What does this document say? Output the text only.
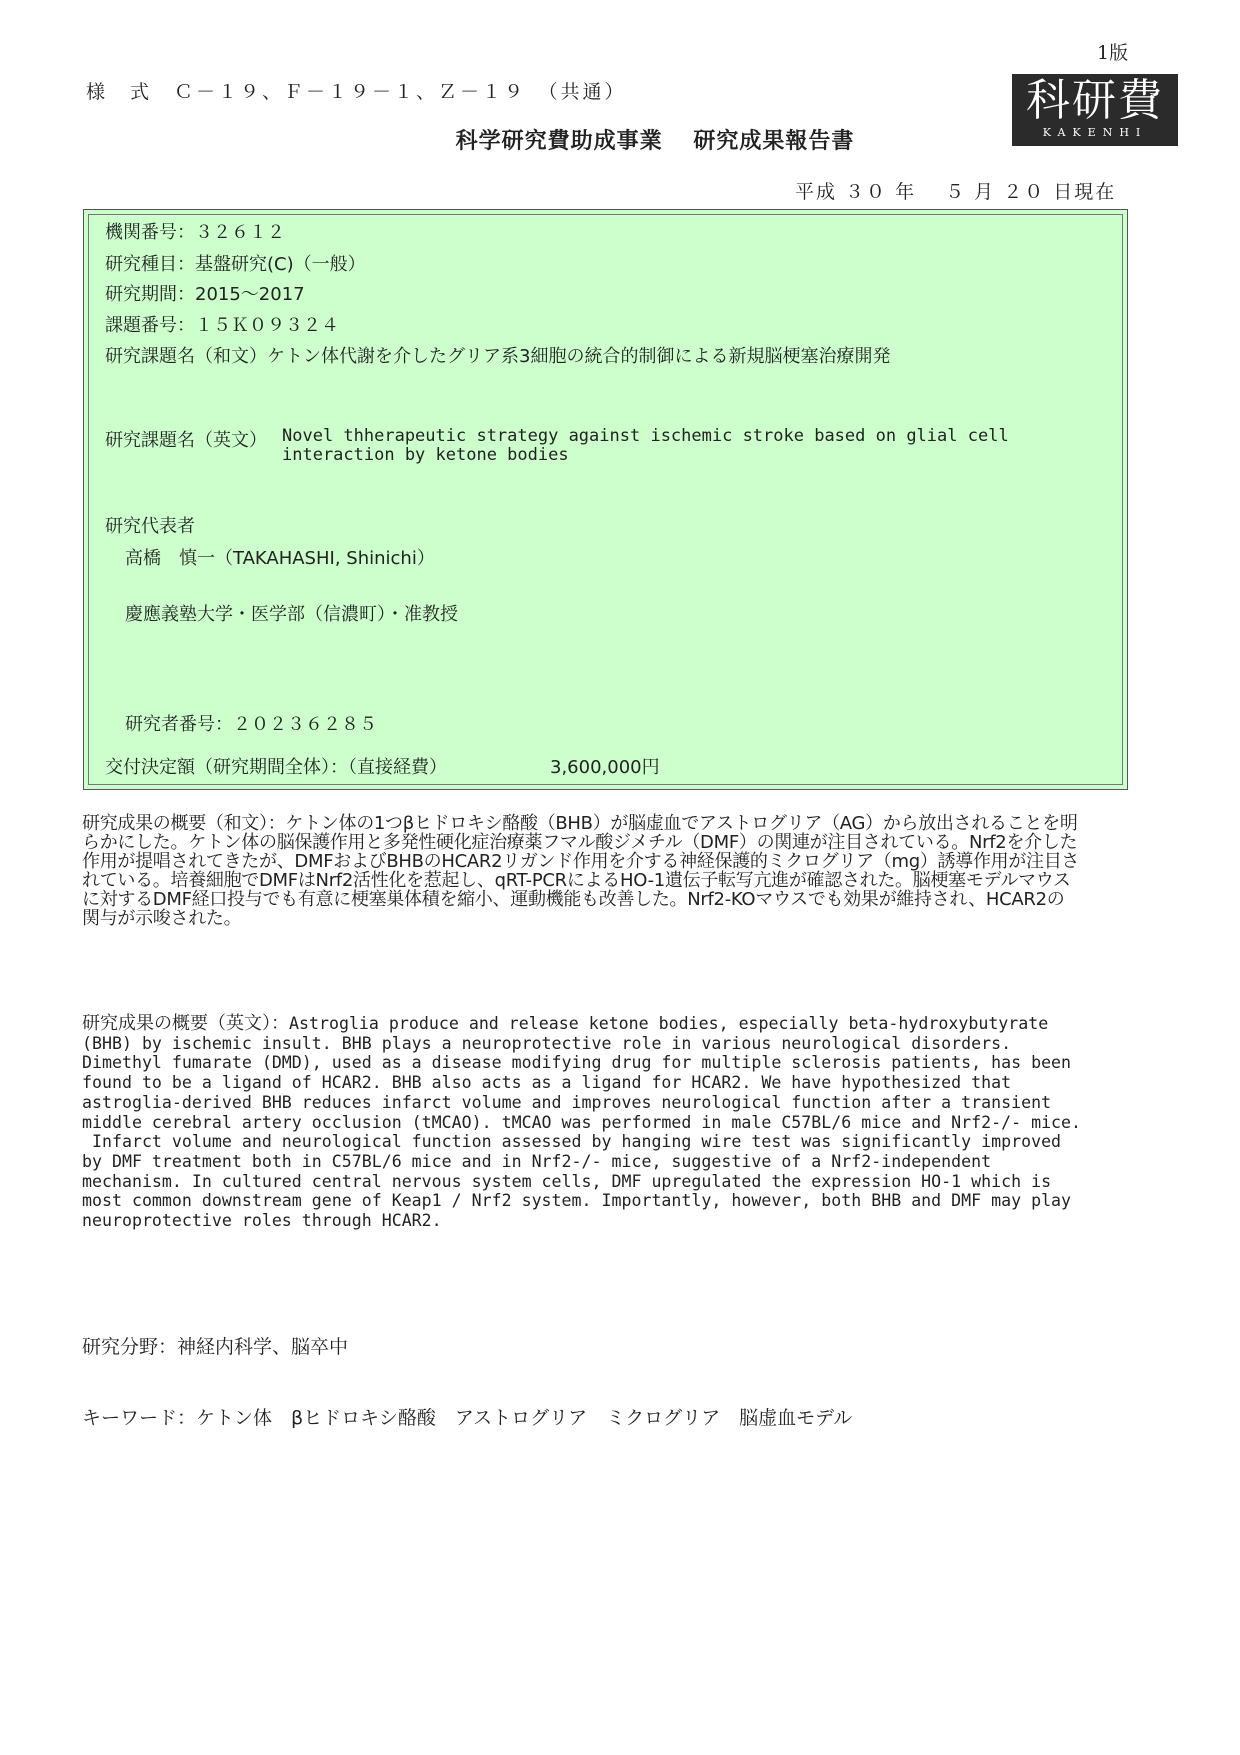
1版
様　式　Ｃ－１９、Ｆ－１９－１、Ｚ－１９　（共通）	科研費
KAKENHI
科学研究費助成事業 研究成果報告書
平成 ３０ 年　 ５ 月 ２０ 日現在
機関番号：３２６１２
研究種目：基盤研究(C)（一般）
研究期間：2015～2017
課題番号：１５Ｋ０９３２４
研究課題名（和文）ケトン体代謝を介したグリア系3細胞の統合的制御による新規脳梗塞治療開発
研究課題名（英文） Novel thherapeutic strategy against ischemic stroke based on glial cell
interaction by ketone bodies
研究代表者
高橋　慎一（TAKAHASHI, Shinichi）
慶應義塾大学・医学部（信濃町）・准教授
研究者番号：２０２３６２８５
交付決定額（研究期間全体）：（直接経費）	3,600,000円
研究成果の概要（和文）：ケトン体の1つβヒドロキシ酪酸（BHB）が脳虚血でアストログリア（AG）から放出されることを明らかにした。ケトン体の脳保護作用と多発性硬化症治療薬フマル酸ジメチル（DMF）の関連が注目されている。Nrf2を介した作用が提唱されてきたが、DMFおよびBHBのHCAR2リガンド作用を介する神経保護的ミクログリア（mg）誘導作用が注目されている。培養細胞でDMFはNrf2活性化を惹起し、qRT-PCRによるHO-1遺伝子転写亢進が確認された。脳梗塞モデルマウスに対するDMF経口投与でも有意に梗塞巣体積を縮小、運動機能も改善した。Nrf2-KOマウスでも効果が維持され、HCAR2の関与が示唆された。
研究成果の概要（英文）：Astroglia produce and release ketone bodies, especially beta-hydroxybutyrate
(BHB) by ischemic insult. BHB plays a neuroprotective role in various neurological disorders.
Dimethyl fumarate (DMD), used as a disease modifying drug for multiple sclerosis patients, has been
found to be a ligand of HCAR2. BHB also acts as a ligand for HCAR2. We have hypothesized that
astroglia-derived BHB reduces infarct volume and improves neurological function after a transient
middle cerebral artery occlusion (tMCAO). tMCAO was performed in male C57BL/6 mice and Nrf2-/- mice.
Infarct volume and neurological function assessed by hanging wire test was significantly improved
by DMF treatment both in C57BL/6 mice and in Nrf2-/- mice, suggestive of a Nrf2-independent
mechanism. In cultured central nervous system cells, DMF upregulated the expression HO-1 which is
most common downstream gene of Keap1 / Nrf2 system. Importantly, however, both BHB and DMF may play
neuroprotective roles through HCAR2.
研究分野：神経内科学、脳卒中
キーワード：ケトン体　βヒドロキシ酪酸　アストログリア　ミクログリア　脳虚血モデル
